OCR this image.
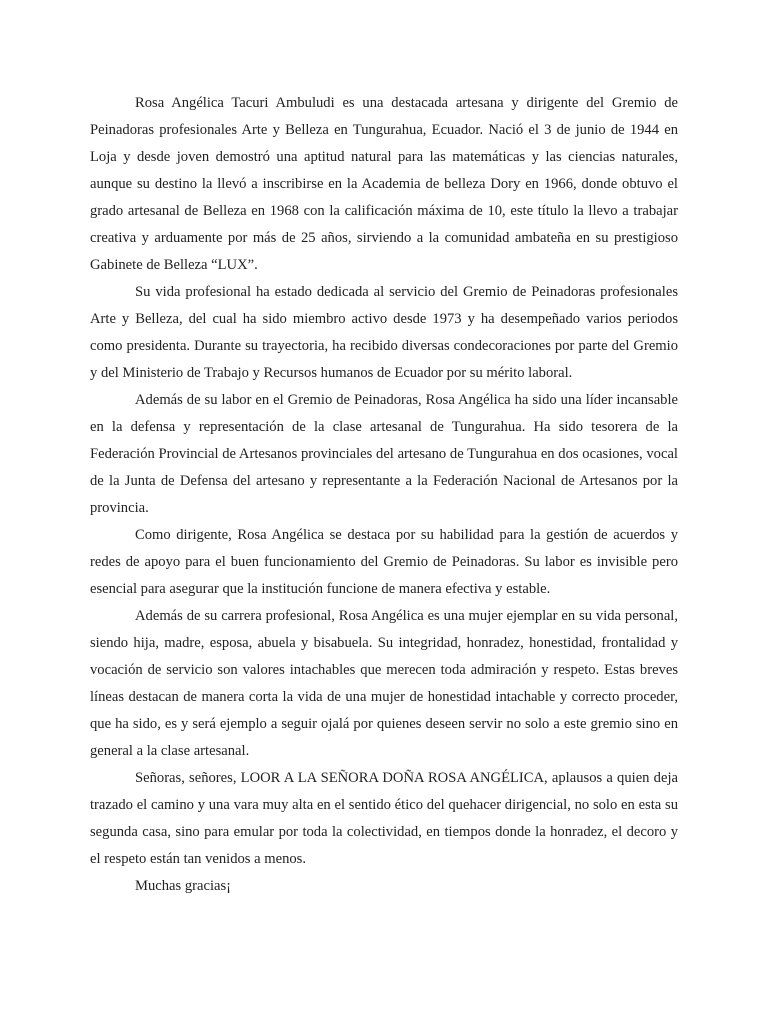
Rosa Angélica Tacuri Ambuludi es una destacada artesana y dirigente del Gremio de Peinadoras profesionales Arte y Belleza en Tungurahua, Ecuador. Nació el 3 de junio de 1944 en Loja y desde joven demostró una aptitud natural para las matemáticas y las ciencias naturales, aunque su destino la llevó a inscribirse en la Academia de belleza Dory en 1966, donde obtuvo el grado artesanal de Belleza en 1968 con la calificación máxima de 10, este título la llevo a trabajar creativa y arduamente por más de 25 años, sirviendo a la comunidad ambateña en su prestigioso Gabinete de Belleza “LUX”.

Su vida profesional ha estado dedicada al servicio del Gremio de Peinadoras profesionales Arte y Belleza, del cual ha sido miembro activo desde 1973 y ha desempeñado varios periodos como presidenta. Durante su trayectoria, ha recibido diversas condecoraciones por parte del Gremio y del Ministerio de Trabajo y Recursos humanos de Ecuador por su mérito laboral.

Además de su labor en el Gremio de Peinadoras, Rosa Angélica ha sido una líder incansable en la defensa y representación de la clase artesanal de Tungurahua. Ha sido tesorera de la Federación Provincial de Artesanos provinciales del artesano de Tungurahua en dos ocasiones, vocal de la Junta de Defensa del artesano y representante a la Federación Nacional de Artesanos por la provincia.

Como dirigente, Rosa Angélica se destaca por su habilidad para la gestión de acuerdos y redes de apoyo para el buen funcionamiento del Gremio de Peinadoras. Su labor es invisible pero esencial para asegurar que la institución funcione de manera efectiva y estable.

Además de su carrera profesional, Rosa Angélica es una mujer ejemplar en su vida personal, siendo hija, madre, esposa, abuela y bisabuela. Su integridad, honradez, honestidad, frontalidad y vocación de servicio son valores intachables que merecen toda admiración y respeto. Estas breves líneas destacan de manera corta la vida de una mujer de honestidad intachable y correcto proceder, que ha sido, es y será ejemplo a seguir ojalá por quienes deseen servir no solo a este gremio sino en general a la clase artesanal.

Señoras, señores, LOOR A LA SEÑORA DOÑA ROSA ANGÉLICA, aplausos a quien deja trazado el camino y una vara muy alta en el sentido ético del quehacer dirigencial, no solo en esta su segunda casa, sino para emular por toda la colectividad, en tiempos donde la honradez, el decoro y el respeto están tan venidos a menos.

Muchas gracias¡
